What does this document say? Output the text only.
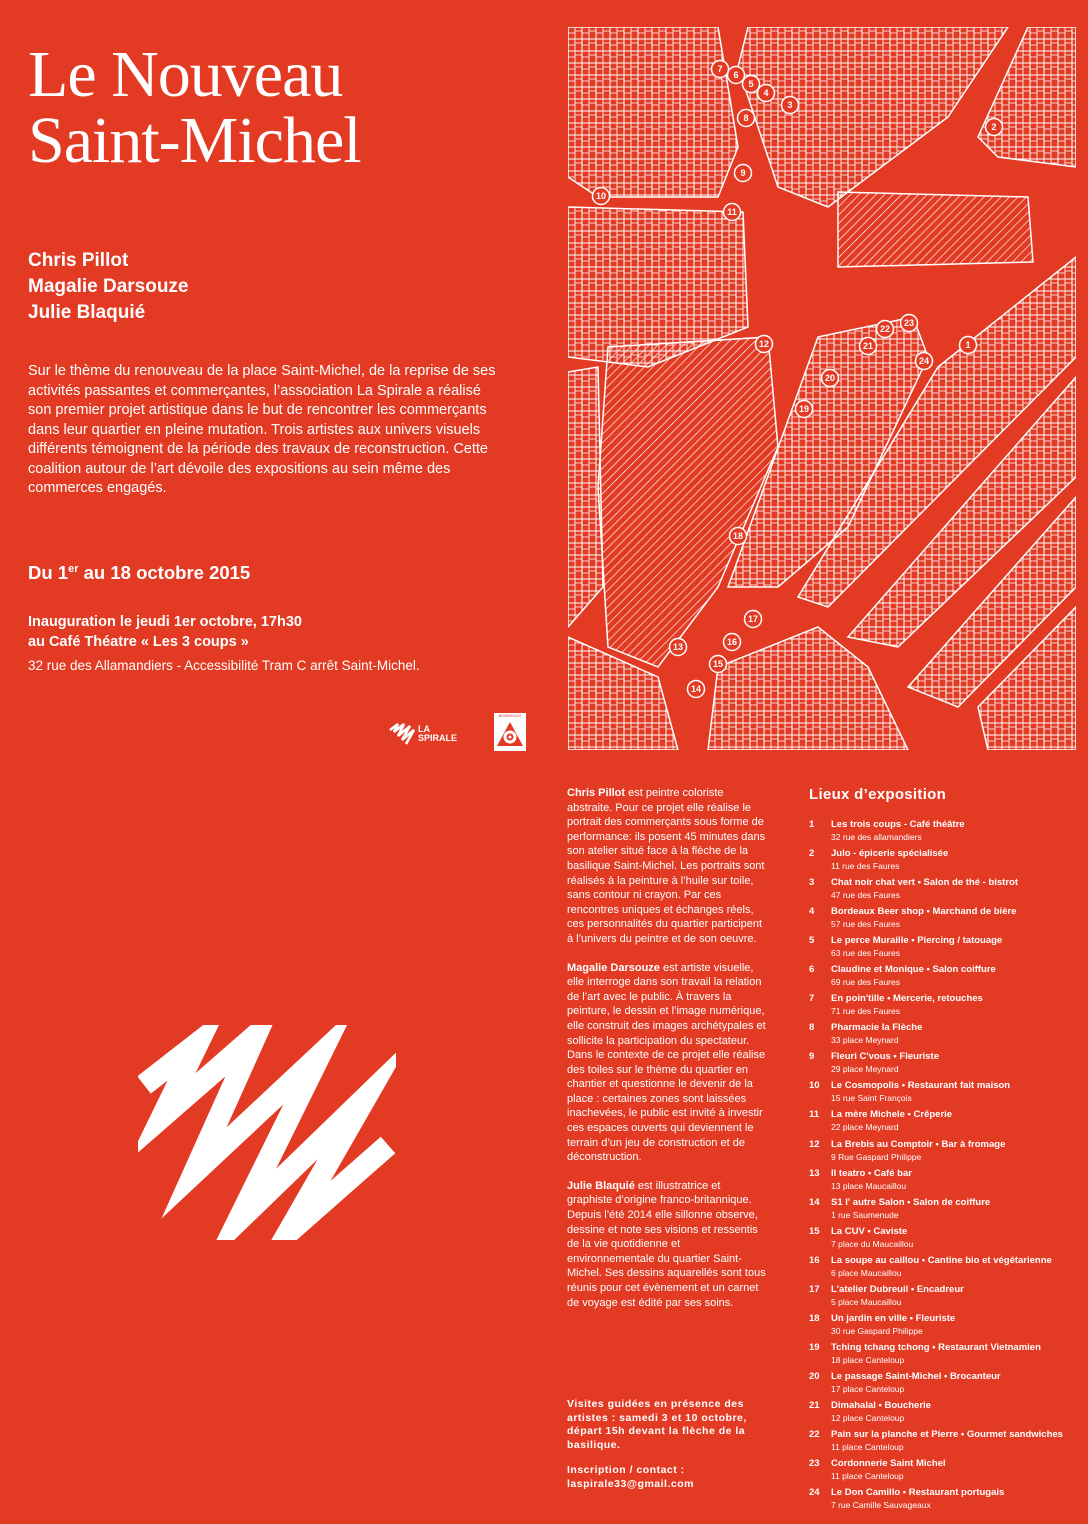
Le Nouveau
Saint-Michel
Chris Pillot
Magalie Darsouze
Julie Blaquié
Sur le thème du renouveau de la place Saint-Michel, de la reprise de ses activités passantes et commerçantes, l’association La Spirale a réalisé son premier projet artistique dans le but de rencontrer les commerçants dans leur quartier en pleine mutation. Trois artistes aux univers visuels différents témoignent de la période des travaux de reconstruction. Cette coalition autour de l’art dévoile des expositions au sein même des commerces engagés.
Du 1er au 18 octobre 2015
Inauguration le jeudi 1er octobre, 17h30
au Café Théatre « Les 3 coups »
32 rue des Allamandiers - Accessibilité Tram C arrêt Saint-Michel.
LA
SPIRALE
BORDEAUX
1
2
3
4
5
6
7
8
9
10
11
12
13
14
15
16
17
18
19
20
21
22
23
24

Chris Pillot est peintre coloriste abstraite. Pour ce projet elle réalise le portrait des commerçants sous forme de performance: ils posent 45 minutes dans son atelier situé face à la flèche de la basilique Saint-Michel. Les portraits sont réalisés à la peinture à l’huile sur toile, sans contour ni crayon. Par ces rencontres uniques et échanges réels, ces personnalités du quartier participent à l’univers du peintre et de son oeuvre.

Magalie Darsouze est artiste visuelle, elle interroge dans son travail la relation de l’art avec le public. À travers la peinture, le dessin et l’image numérique, elle construit des images archétypales et sollicite la participation du spectateur. Dans le contexte de ce projet elle réalise des toiles sur le thème du quartier en chantier et questionne le devenir de la place : certaines zones sont laissées inachevées, le public est invité à investir ces espaces ouverts qui deviennent le terrain d’un jeu de construction et de déconstruction.

Julie Blaquié est illustratrice et graphiste d’origine franco-britannique. Depuis l’été 2014 elle sillonne observe, dessine et note ses visions et ressentis de la vie quotidienne et environnementale du quartier Saint-Michel. Ses dessins aquarellés sont tous réunis pour cet évènement et un carnet de voyage est édité par ses soins.

Visites guidées en présence des artistes : samedi 3 et 10 octobre, départ 15h devant la flèche de la basilique.
Inscription / contact :
laspirale33@gmail.com
Lieux d’exposition
1 Les trois coups - Café théâtre
32 rue des allamandiers
2 Julo - épicerie spécialisée
11 rue des Faures
3 Chat noir chat vert • Salon de thé - bistrot
47 rue des Faures
4 Bordeaux Beer shop • Marchand de bière
57 rue des Faures
5 Le perce Muraille • Piercing / tatouage
63 rue des Faures
6 Claudine et Monique • Salon coiffure
69 rue des Faures
7 En poin'tille • Mercerie, retouches
71 rue des Faures
8 Pharmacie la Flèche
33 place Meynard
9 Fleuri C'vous • Fleuriste
29 place Meynard
10 Le Cosmopolis • Restaurant fait maison
15 rue Saint François
11 La mère Michele • Crêperie
22 place Meynard
12 La Brebis au Comptoir • Bar à fromage
9 Rue Gaspard Philippe
13 Il teatro • Café bar
13 place Maucaillou
14 S1 l' autre Salon • Salon de coiffure
1 rue Saumenude
15 La CUV • Caviste
7 place du Maucaillou
16 La soupe au caillou • Cantine bio et végétarienne
6 place Maucaillou
17 L'atelier Dubreuil • Encadreur
5 place Maucaillou
18 Un jardin en ville • Fleuriste
30 rue Gaspard Philippe
19 Tching tchang tchong • Restaurant Vietnamien
18 place Canteloup
20 Le passage Saint-Michel • Brocanteur
17 place Canteloup
21 Dimahalal • Boucherie
12 place Canteloup
22 Pain sur la planche et Pierre • Gourmet sandwiches
11 place Canteloup
23 Cordonnerie Saint Michel
11 place Canteloup
24 Le Don Camillo • Restaurant portugais
7 rue Camille Sauvageaux
